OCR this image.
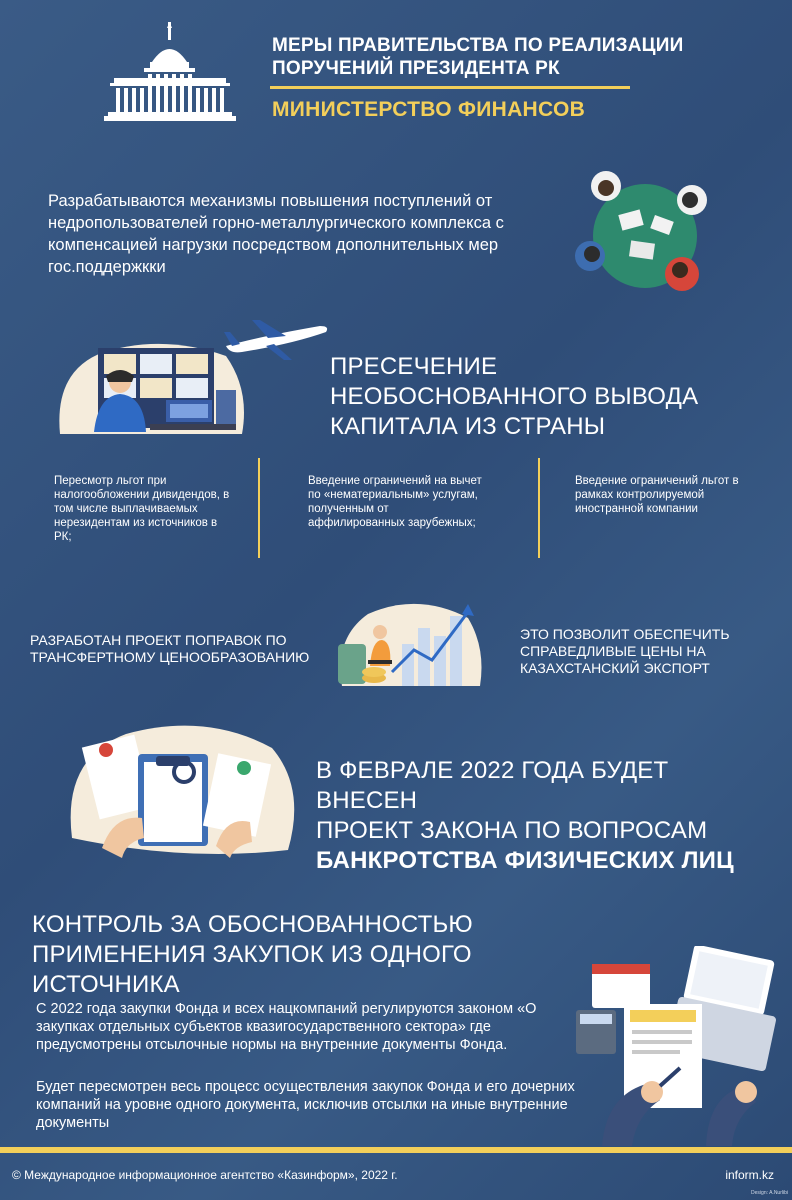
МЕРЫ ПРАВИТЕЛЬСТВА ПО РЕАЛИЗАЦИИ ПОРУЧЕНИЙ ПРЕЗИДЕНТА РК
МИНИСТЕРСТВО ФИНАНСОВ
Разрабатываются механизмы повышения поступлений от недропользователей горно-металлургического комплекса с компенсацией нагрузки посредством дополнительных мер гос.поддержкки
ПРЕСЕЧЕНИЕ НЕОБОСНОВАННОГО ВЫВОДА КАПИТАЛА ИЗ СТРАНЫ
Пересмотр льгот при налогообложении дивидендов, в том числе выплачиваемых нерезидентам из источников в РК;
Введение ограничений на вычет по «нематериальным» услугам, полученным от аффилированных зарубежных;
Введение ограничений льгот в рамках контролируемой иностранной компании
РАЗРАБОТАН ПРОЕКТ ПОПРАВОК ПО ТРАНСФЕРТНОМУ ЦЕНООБРАЗОВАНИЮ
ЭТО ПОЗВОЛИТ ОБЕСПЕЧИТЬ СПРАВЕДЛИВЫЕ ЦЕНЫ НА КАЗАХСТАНСКИЙ ЭКСПОРТ
В ФЕВРАЛЕ 2022 ГОДА БУДЕТ ВНЕСЕН
ПРОЕКТ ЗАКОНА ПО ВОПРОСАМ
БАНКРОТСТВА ФИЗИЧЕСКИХ ЛИЦ
КОНТРОЛЬ ЗА ОБОСНОВАННОСТЬЮ ПРИМЕНЕНИЯ ЗАКУПОК ИЗ ОДНОГО ИСТОЧНИКА
С 2022 года закупки Фонда и всех нацкомпаний регулируются законом «О закупках отдельных субъектов квазигосударственного сектора» где предусмотрены отсылочные нормы на внутренние документы Фонда.
Будет пересмотрен весь процесс осуществления закупок Фонда и его дочерних компаний на уровне одного документа, исключив отсылки на иные внутренние документы
© Международное информационное агентство «Казинформ», 2022 г.	inform.kz
Design: A.Nurlibi
